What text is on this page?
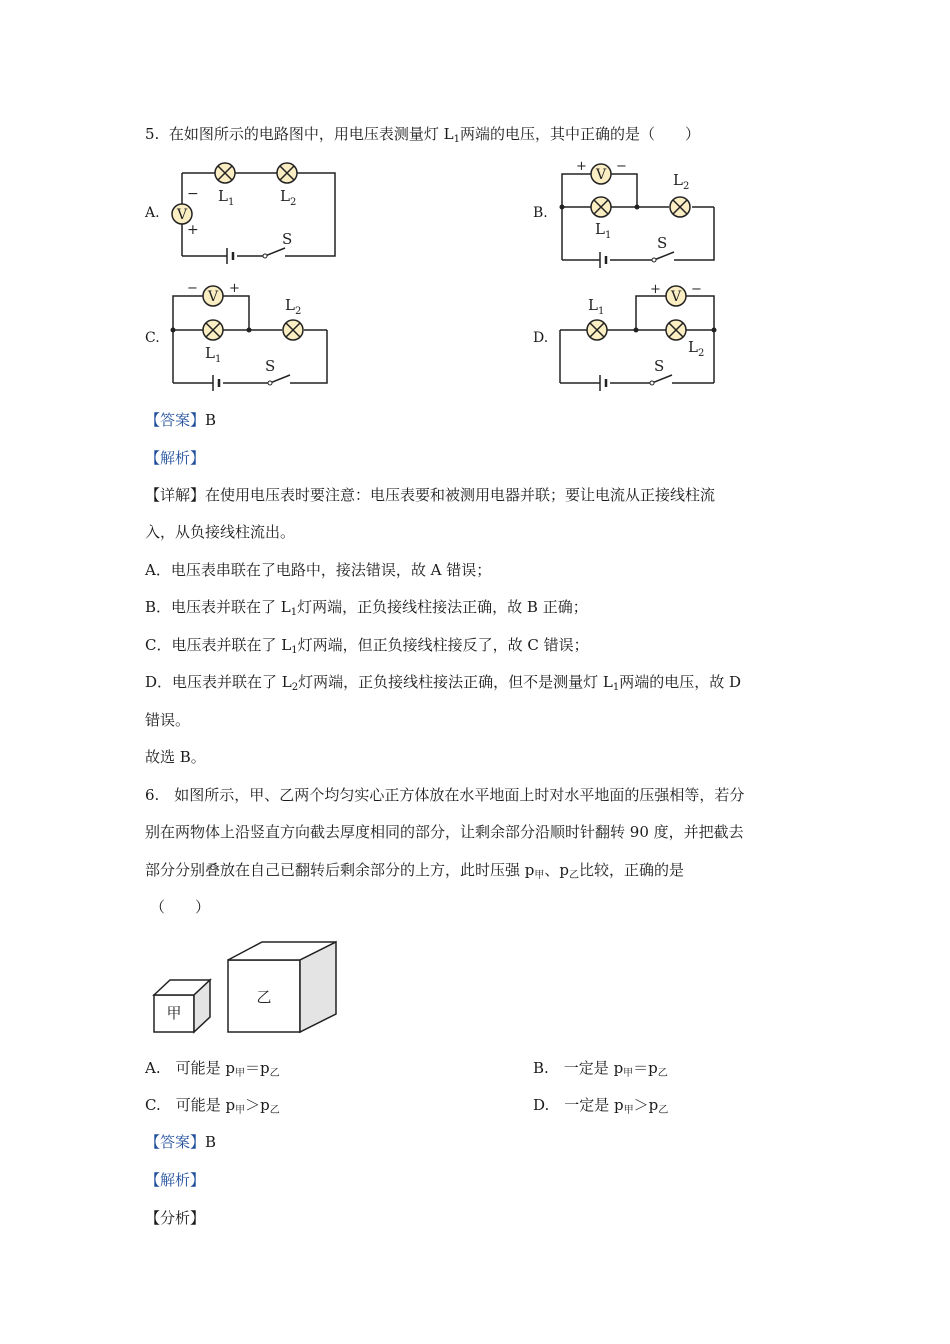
5. 在如图所示的电路图中，用电压表测量灯 $L_1$两端的电压，其中正确的是（　　）
A. V
−
+
$L_1$	$L_2$
S
B.
V
+ −
$L_1$
$L_2$
S
C.
V
− +
$L_1$
$L_2$
S
D.
V
+ −
$L_1$
$L_2$
S
【答案】B
【解析】
【详解】在使用电压表时要注意：电压表要和被测用电器并联；要让电流从正接线柱流
入，从负接线柱流出。
A．电压表串联在了电路中，接法错误，故 A 错误；
B．电压表并联在了 $L_1$灯两端，正负接线柱接法正确，故 B 正确；
C．电压表并联在了 $L_1$灯两端，但正负接线柱接反了，故 C 错误；
D．电压表并联在了 $L_2$灯两端，正负接线柱接法正确，但不是测量灯 $L_1$两端的电压，故 D
错误。
故选 B。
6.　如图所示，甲、乙两个均匀实心正方体放在水平地面上时对水平地面的压强相等，若分
别在两物体上沿竖直方向截去厚度相同的部分，让剩余部分沿顺时针翻转 90 度，并把截去
部分分别叠放在自己已翻转后剩余部分的上方，此时压强 $p_甲$、$p_乙$比较，正确的是
（　　）
甲
乙
A.　可能是 $p_甲=p_乙$	B.　一定是 $p_甲=p_乙$
C.　可能是 $p_甲>p_乙$	D.　一定是 $p_甲>p_乙$
【答案】B
【解析】
【分析】
